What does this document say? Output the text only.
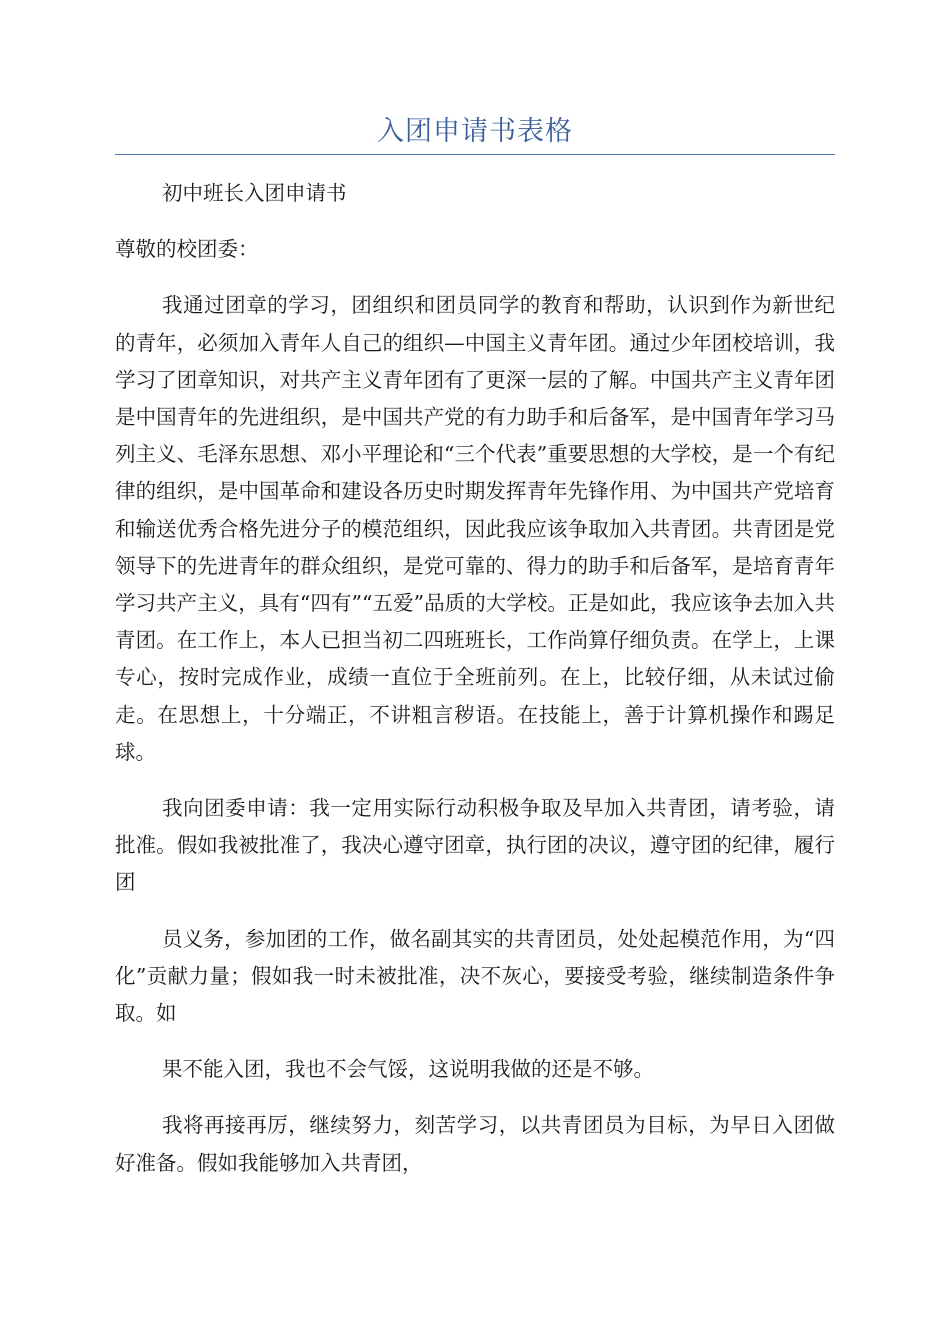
入团申请书表格

初中班长入团申请书

尊敬的校团委：

我通过团章的学习，团组织和团员同学的教育和帮助，认识到作为新世纪的青年，必须加入青年人自己的组织—中国主义青年团。通过少年团校培训，我学习了团章知识，对共产主义青年团有了更深一层的了解。中国共产主义青年团是中国青年的先进组织，是中国共产党的有力助手和后备军，是中国青年学习马列主义、毛泽东思想、邓小平理论和“三个代表”重要思想的大学校，是一个有纪律的组织，是中国革命和建设各历史时期发挥青年先锋作用、为中国共产党培育和输送优秀合格先进分子的模范组织，因此我应该争取加入共青团。共青团是党领导下的先进青年的群众组织，是党可靠的、得力的助手和后备军，是培育青年学习共产主义，具有“四有”“五爱”品质的大学校。正是如此，我应该争去加入共青团。在工作上，本人已担当初二四班班长，工作尚算仔细负责。在学上，上课专心，按时完成作业，成绩一直位于全班前列。在上，比较仔细，从未试过偷走。在思想上，十分端正，不讲粗言秽语。在技能上，善于计算机操作和踢足球。

我向团委申请：我一定用实际行动积极争取及早加入共青团，请考验，请批准。假如我被批准了，我决心遵守团章，执行团的决议，遵守团的纪律，履行团

员义务，参加团的工作，做名副其实的共青团员，处处起模范作用，为“四化”贡献力量；假如我一时未被批准，决不灰心，要接受考验，继续制造条件争取。如

果不能入团，我也不会气馁，这说明我做的还是不够。

我将再接再厉，继续努力，刻苦学习，以共青团员为目标，为早日入团做好准备。假如我能够加入共青团，
